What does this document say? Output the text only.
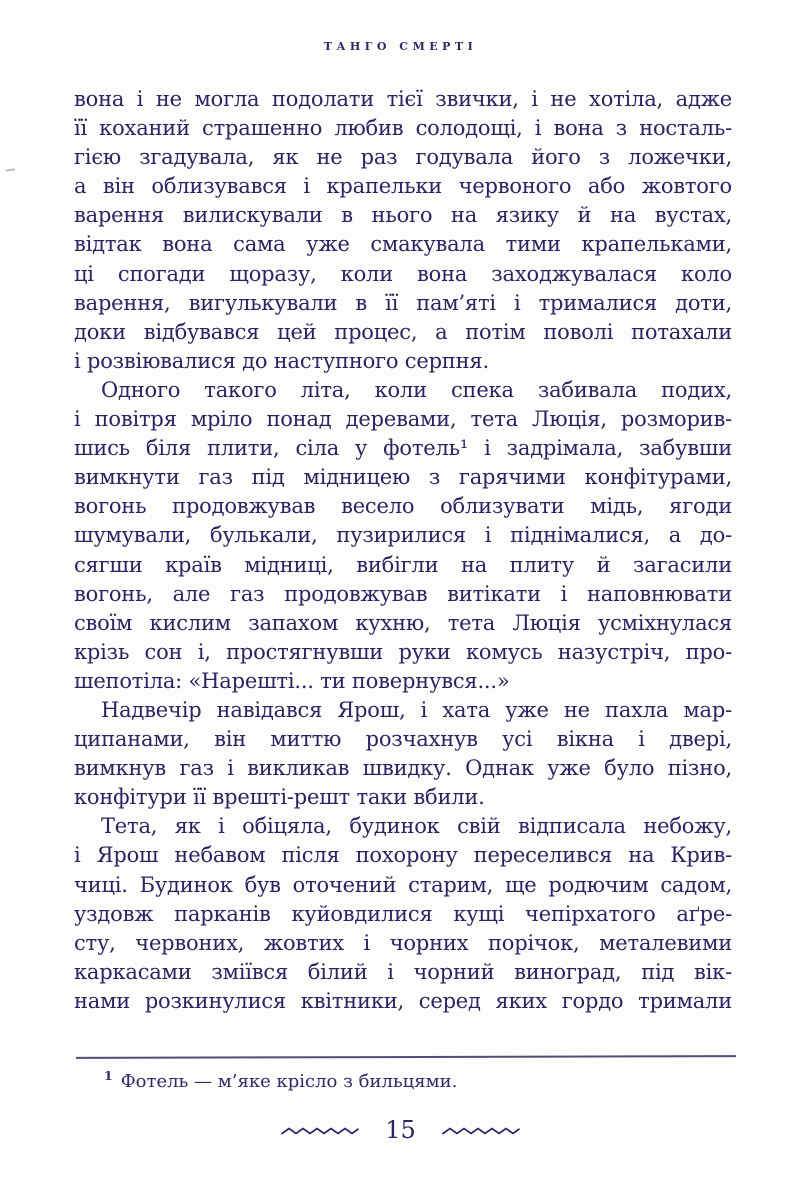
ТАНГО СМЕРТІ
вона і не могла подолати тієї звички, і не хотіла, адже
її коханий страшенно любив солодощі, і вона з носталь-
гією згадувала, як не раз годувала його з ложечки,
а він облизувався і крапельки червоного або жовтого
варення вилискували в нього на язику й на вустах,
відтак вона сама уже смакувала тими крапельками,
ці спогади щоразу, коли вона заходжувалася коло
варення, вигулькували в її пам’яті і трималися доти,
доки відбувався цей процес, а потім поволі потахали
і розвіювалися до наступного серпня.
Одного такого літа, коли спека забивала подих,
і повітря мріло понад деревами, тета Люція, розморив-
шись біля плити, сіла у фотель¹ і задрімала, забувши
вимкнути газ під мідницею з гарячими конфітурами,
вогонь продовжував весело облизувати мідь, ягоди
шумували, булькали, пузирилися і піднімалися, а до-
сягши країв мідниці, вибігли на плиту й загасили
вогонь, але газ продовжував витікати і наповнювати
своїм кислим запахом кухню, тета Люція усміхнулася
крізь сон і, простягнувши руки комусь назустріч, про-
шепотіла: «Нарешті... ти повернувся...»
Надвечір навідався Ярош, і хата уже не пахла мар-
ципанами, він миттю розчахнув усі вікна і двері,
вимкнув газ і викликав швидку. Однак уже було пізно,
конфітури її врешті-решт таки вбили.
Тета, як і обіцяла, будинок свій відписала небожу,
і Ярош небавом після похорону переселився на Крив-
чиці. Будинок був оточений старим, ще родючим садом,
уздовж парканів куйовдилися кущі чепірхатого аґре-
сту, червоних, жовтих і чорних порічок, металевими
каркасами зміївся білий і чорний виноград, під вік-
нами розкинулися квітники, серед яких гордо тримали
$^1$ Фотель — м’яке крісло з бильцями.
15
